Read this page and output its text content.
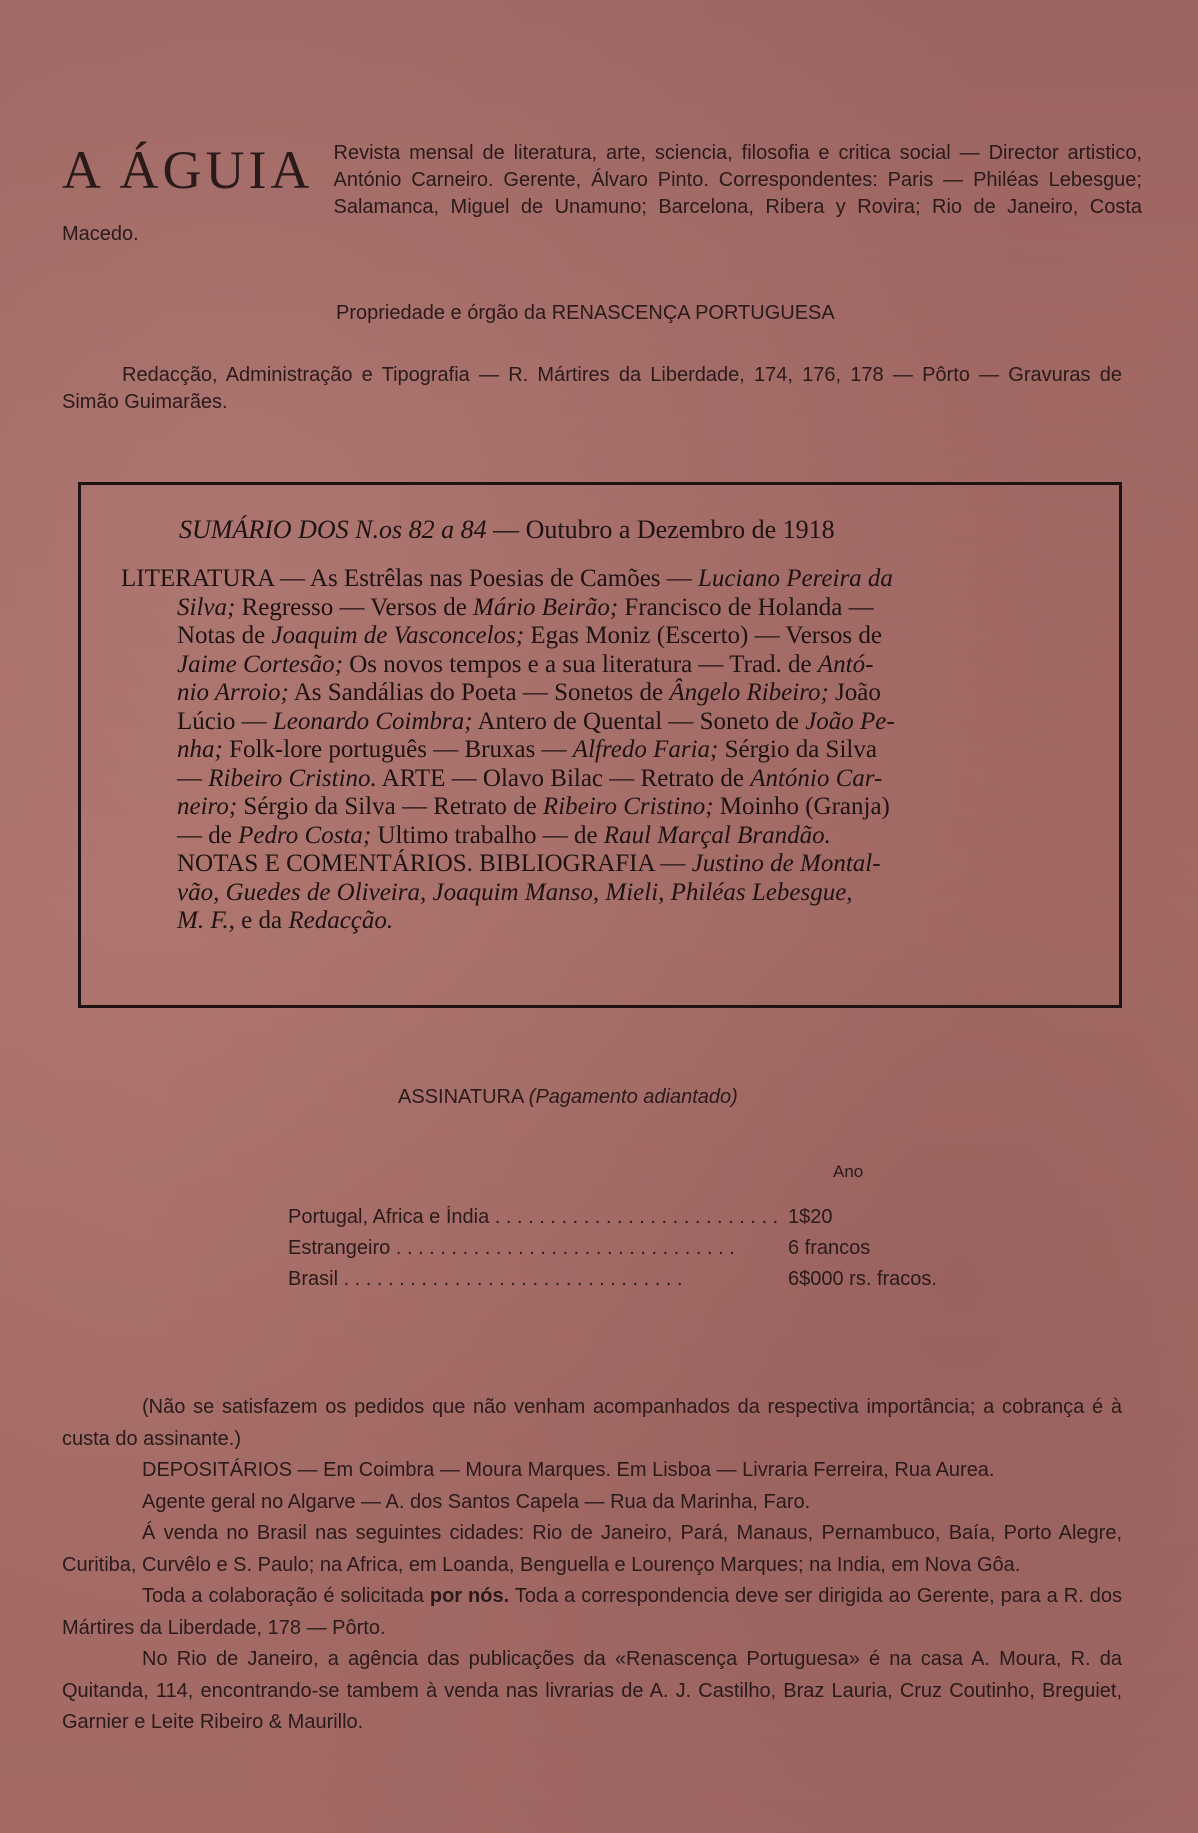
A ÁGUIA	Revista mensal de literatura, arte, sciencia, filosofia e critica social — Director artistico, António Carneiro. Gerente, Álvaro Pinto. Correspondentes: Paris — Philéas Lebesgue; Salamanca, Miguel de Unamuno; Barcelona, Ribera y Rovira; Rio de Janeiro, Costa Macedo.
Propriedade e órgão da RENASCENÇA PORTUGUESA
Redacção, Administração e Tipografia — R. Mártires da Liberdade, 174, 176, 178 — Pôrto — Gravuras de Simão Guimarães.
SUMÁRIO DOS N.os 82 a 84 — Outubro a Dezembro de 1918
LITERATURA — As Estrêlas nas Poesias de Camões — Luciano Pereira da
Silva; Regresso — Versos de Mário Beirão; Francisco de Holanda —
Notas de Joaquim de Vasconcelos; Egas Moniz (Escerto) — Versos de
Jaime Cortesão; Os novos tempos e a sua literatura — Trad. de Antó-
nio Arroio; As Sandálias do Poeta — Sonetos de Ângelo Ribeiro; João
Lúcio — Leonardo Coimbra; Antero de Quental — Soneto de João Pe-
nha; Folk-lore português — Bruxas — Alfredo Faria; Sérgio da Silva
— Ribeiro Cristino. ARTE — Olavo Bilac — Retrato de António Car-
neiro; Sérgio da Silva — Retrato de Ribeiro Cristino; Moinho (Granja)
— de Pedro Costa; Ultimo trabalho — de Raul Marçal Brandão.
NOTAS E COMENTÁRIOS. BIBLIOGRAFIA — Justino de Montal-
vão, Guedes de Oliveira, Joaquim Manso, Mieli, Philéas Lebesgue,
M. F., e da Redacção.
ASSINATURA (Pagamento adiantado)
Ano
Portugal, Africa e Índia . . .	1$20
Estrangeiro . . .	6 francos
Brasil . . .	6$000 rs. fracos.

(Não se satisfazem os pedidos que não venham acompanhados da respectiva importância; a cobrança é à custa do assinante.)

DEPOSITÁRIOS — Em Coimbra — Moura Marques. Em Lisboa — Livraria Ferreira, Rua Aurea.

Agente geral no Algarve — A. dos Santos Capela — Rua da Marinha, Faro.

Á venda no Brasil nas seguintes cidades: Rio de Janeiro, Pará, Manaus, Pernambuco, Baía, Porto Alegre, Curitiba, Curvêlo e S. Paulo; na Africa, em Loanda, Benguella e Lourenço Marques; na India, em Nova Gôa.

Toda a colaboração é solicitada por nós. Toda a correspondencia deve ser dirigida ao Gerente, para a R. dos Mártires da Liberdade, 178 — Pôrto.

No Rio de Janeiro, a agência das publicações da «Renascença Portuguesa» é na casa A. Moura, R. da Quitanda, 114, encontrando-se tambem à venda nas livrarias de A. J. Castilho, Braz Lauria, Cruz Coutinho, Breguiet, Garnier e Leite Ribeiro & Maurillo.
